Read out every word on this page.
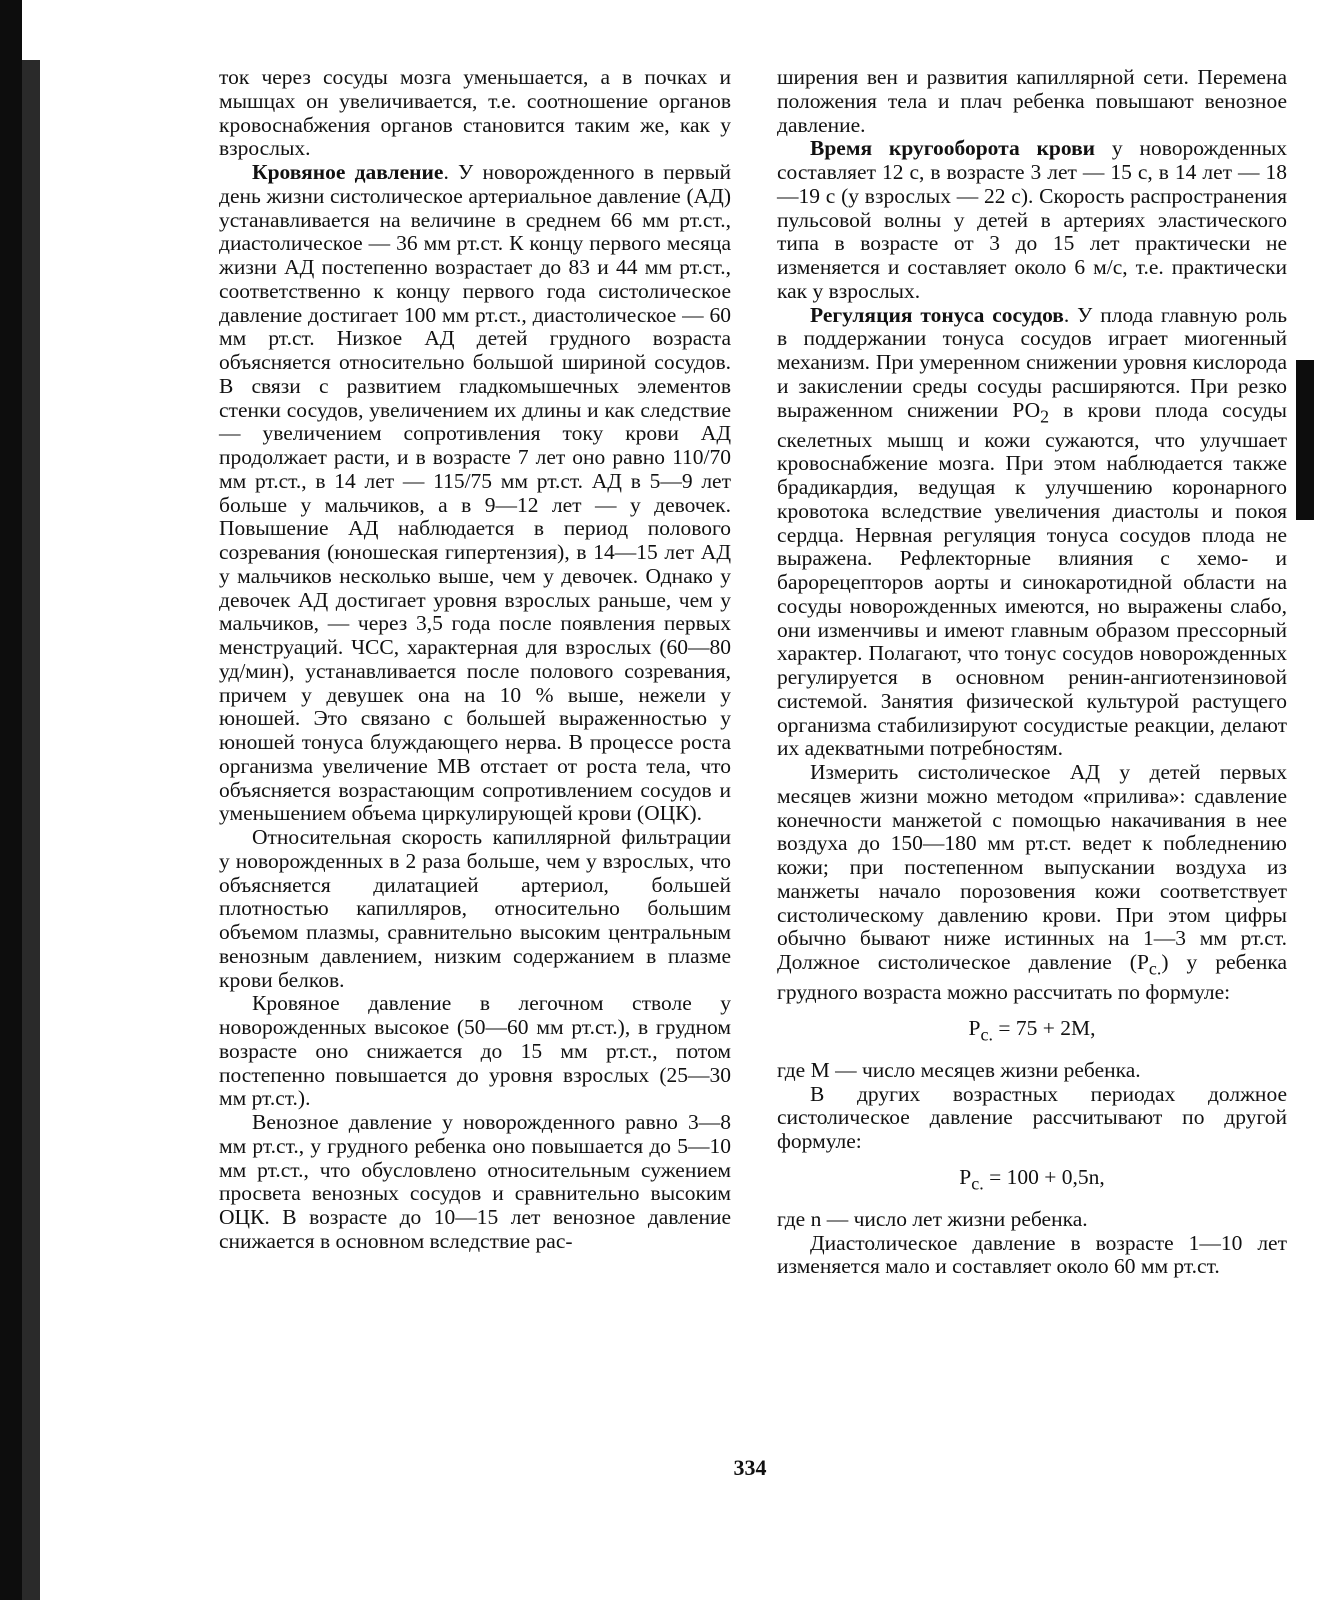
ток через сосуды мозга уменьшается, а в почках и мышцах он увеличивается, т.е. соотношение органов кровоснабжения органов становится таким же, как у взрослых.

Кровяное давление. У новорожденного в первый день жизни систолическое артериальное давление (АД) устанавливается на величине в среднем 66 мм рт.ст., диастолическое — 36 мм рт.ст. К концу первого месяца жизни АД постепенно возрастает до 83 и 44 мм рт.ст., соответственно к концу первого года систолическое давление достигает 100 мм рт.ст., диастолическое — 60 мм рт.ст. Низкое АД детей грудного возраста объясняется относительно большой шириной сосудов. В связи с развитием гладкомышечных элементов стенки сосудов, увеличением их длины и как следствие — увеличением сопротивления току крови АД продолжает расти, и в возрасте 7 лет оно равно 110/70 мм рт.ст., в 14 лет — 115/75 мм рт.ст. АД в 5—9 лет больше у мальчиков, а в 9—12 лет — у девочек. Повышение АД наблюдается в период полового созревания (юношеская гипертензия), в 14—15 лет АД у мальчиков несколько выше, чем у девочек. Однако у девочек АД достигает уровня взрослых раньше, чем у мальчиков, — через 3,5 года после появления первых менструаций. ЧСС, характерная для взрослых (60—80 уд/мин), устанавливается после полового созревания, причем у девушек она на 10 % выше, нежели у юношей. Это связано с большей выраженностью у юношей тонуса блуждающего нерва. В процессе роста организма увеличение МВ отстает от роста тела, что объясняется возрастающим сопротивлением сосудов и уменьшением объема циркулирующей крови (ОЦК).

Относительная скорость капиллярной фильтрации у новорожденных в 2 раза больше, чем у взрослых, что объясняется дилатацией артериол, большей плотностью капилляров, относительно большим объемом плазмы, сравнительно высоким центральным венозным давлением, низким содержанием в плазме крови белков.

Кровяное давление в легочном стволе у новорожденных высокое (50—60 мм рт.ст.), в грудном возрасте оно снижается до 15 мм рт.ст., потом постепенно повышается до уровня взрослых (25—30 мм рт.ст.).

Венозное давление у новорожденного равно 3—8 мм рт.ст., у грудного ребенка оно повышается до 5—10 мм рт.ст., что обусловлено относительным сужением просвета венозных сосудов и сравнительно высоким ОЦК. В возрасте до 10—15 лет венозное давление снижается в основном вследствие рас-

ширения вен и развития капиллярной сети. Перемена положения тела и плач ребенка повышают венозное давление.

Время кругооборота крови у новорожденных составляет 12 с, в возрасте 3 лет — 15 с, в 14 лет — 18—19 с (у взрослых — 22 с). Скорость распространения пульсовой волны у детей в артериях эластического типа в возрасте от 3 до 15 лет практически не изменяется и составляет около 6 м/с, т.е. практически как у взрослых.

Регуляция тонуса сосудов. У плода главную роль в поддержании тонуса сосудов играет миогенный механизм. При умеренном снижении уровня кислорода и закислении среды сосуды расширяются. При резко выраженном снижении $РО_2$ в крови плода сосуды скелетных мышц и кожи сужаются, что улучшает кровоснабжение мозга. При этом наблюдается также брадикардия, ведущая к улучшению коронарного кровотока вследствие увеличения диастолы и покоя сердца. Нервная регуляция тонуса сосудов плода не выражена. Рефлекторные влияния с хемо- и барорецепторов аорты и синокаротидной области на сосуды новорожденных имеются, но выражены слабо, они изменчивы и имеют главным образом прессорный характер. Полагают, что тонус сосудов новорожденных регулируется в основном ренин-ангиотензиновой системой. Занятия физической культурой растущего организма стабилизируют сосудистые реакции, делают их адекватными потребностям.

Измерить систолическое АД у детей первых месяцев жизни можно методом «прилива»: сдавление конечности манжетой с помощью накачивания в нее воздуха до 150—180 мм рт.ст. ведет к побледнению кожи; при постепенном выпускании воздуха из манжеты начало порозовения кожи соответствует систолическому давлению крови. При этом цифры обычно бывают ниже истинных на 1—3 мм рт.ст. Должное систолическое давление $(Р_{с.})$ у ребенка грудного возраста можно рассчитать по формуле:

$Р_{с.} = 75 + 2М$,

где М — число месяцев жизни ребенка.

В других возрастных периодах должное систолическое давление рассчитывают по другой формуле:

$Р_{с.} = 100 + 0,5n$,

где n — число лет жизни ребенка.

Диастолическое давление в возрасте 1—10 лет изменяется мало и составляет около 60 мм рт.ст.

334
